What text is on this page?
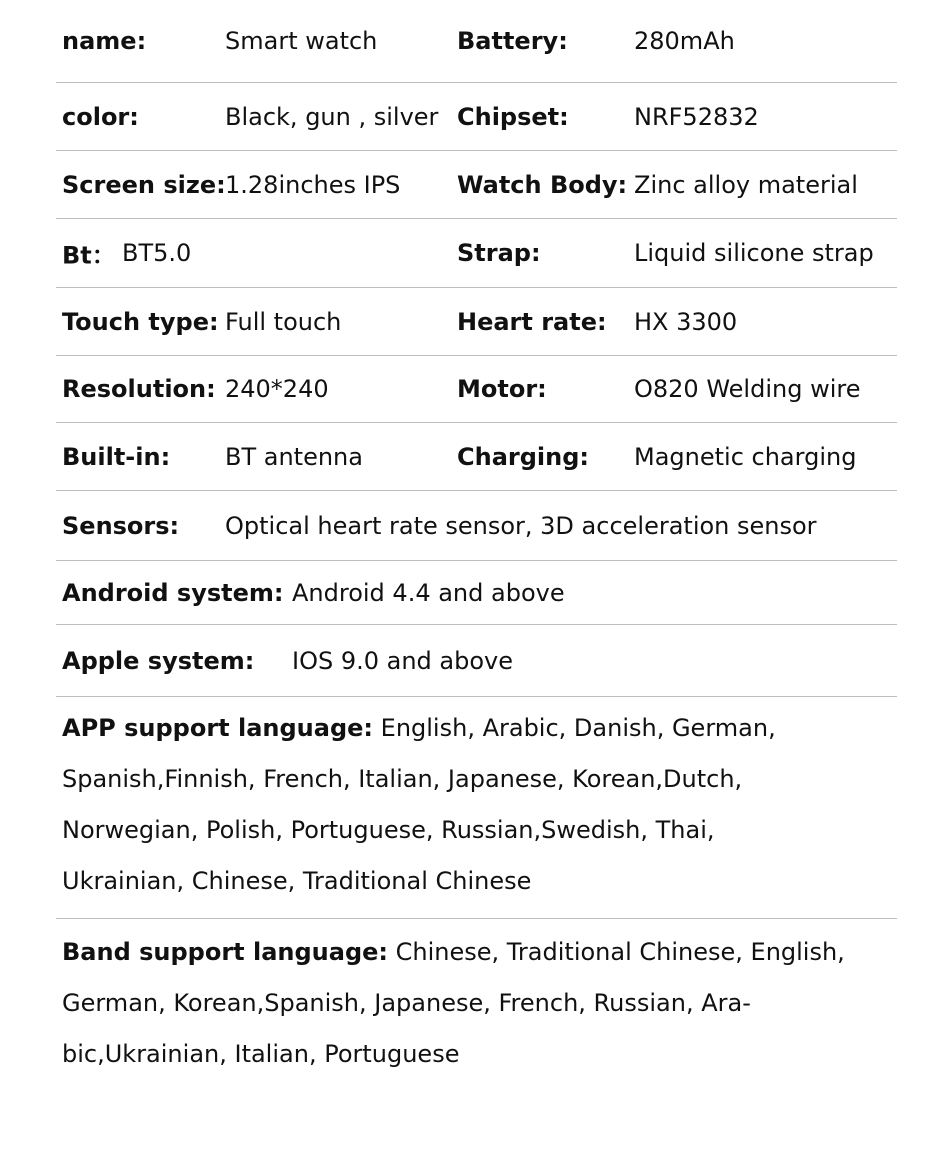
name:	Smart watch	Battery:	280mAh
color:	Black, gun , silver Chipset:	NRF52832
Screen size: 1.28inches IPS Watch Body: Zinc alloy material
Bt： BT5.0	Strap:	Liquid silicone strap
Touch type: Full touch	Heart rate: HX 3300
Resolution: 240*240	Motor:	O820 Welding wire
Built-in: BT antenna	Charging: Magnetic charging
Sensors: Optical heart rate sensor, 3D acceleration sensor
Android system: Android 4.4 and above
Apple system: IOS 9.0 and above
APP support language: English, Arabic, Danish, German,
Spanish,Finnish, French, Italian, Japanese, Korean,Dutch,
Norwegian, Polish, Portuguese, Russian,Swedish, Thai,
Ukrainian, Chinese, Traditional Chinese
Band support language: Chinese, Traditional Chinese, English,
German, Korean,Spanish, Japanese, French, Russian, Ara-
bic,Ukrainian, Italian, Portuguese
